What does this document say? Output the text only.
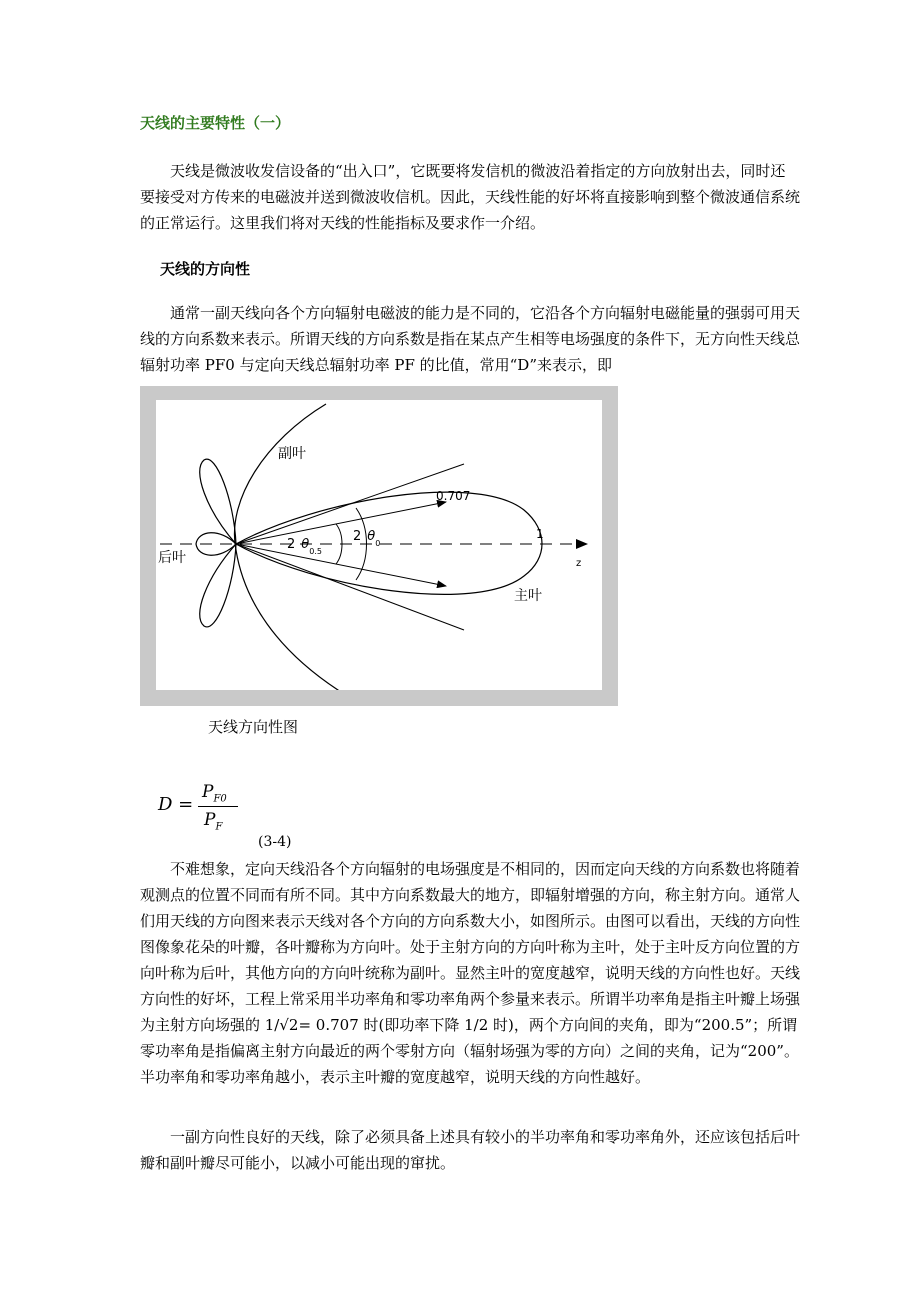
天线的主要特性（一）

天线是微波收发信设备的“出入口”，它既要将发信机的微波沿着指定的方向放射出去，同时还要接受对方传来的电磁波并送到微波收信机。因此，天线性能的好坏将直接影响到整个微波通信系统的正常运行。这里我们将对天线的性能指标及要求作一介绍。

天线的方向性

通常一副天线向各个方向辐射电磁波的能力是不同的，它沿各个方向辐射电磁能量的强弱可用天线的方向系数来表示。所谓天线的方向系数是指在某点产生相等电场强度的条件下，无方向性天线总辐射功率 PF0 与定向天线总辐射功率 PF 的比值，常用“D”来表示，即

副叶
后叶
主叶
0.707
1
z
2 $\theta_{0.5}$
2 $\theta_0$
天线方向性图
D =
$P_{F0}$
$P_F$
(3-4)

不难想象，定向天线沿各个方向辐射的电场强度是不相同的，因而定向天线的方向系数也将随着观测点的位置不同而有所不同。其中方向系数最大的地方，即辐射增强的方向，称主射方向。通常人们用天线的方向图来表示天线对各个方向的方向系数大小，如图所示。由图可以看出，天线的方向性图像象花朵的叶瓣，各叶瓣称为方向叶。处于主射方向的方向叶称为主叶，处于主叶反方向位置的方向叶称为后叶，其他方向的方向叶统称为副叶。显然主叶的宽度越窄，说明天线的方向性也好。天线方向性的好坏，工程上常采用半功率角和零功率角两个参量来表示。所谓半功率角是指主叶瓣上场强为主射方向场强的 1/√2= 0.707 时(即功率下降 1/2 时)，两个方向间的夹角，即为“200.5”；所谓零功率角是指偏离主射方向最近的两个零射方向（辐射场强为零的方向）之间的夹角，记为“200”。半功率角和零功率角越小，表示主叶瓣的宽度越窄，说明天线的方向性越好。

一副方向性良好的天线，除了必须具备上述具有较小的半功率角和零功率角外，还应该包括后叶瓣和副叶瓣尽可能小，以减小可能出现的窜扰。
